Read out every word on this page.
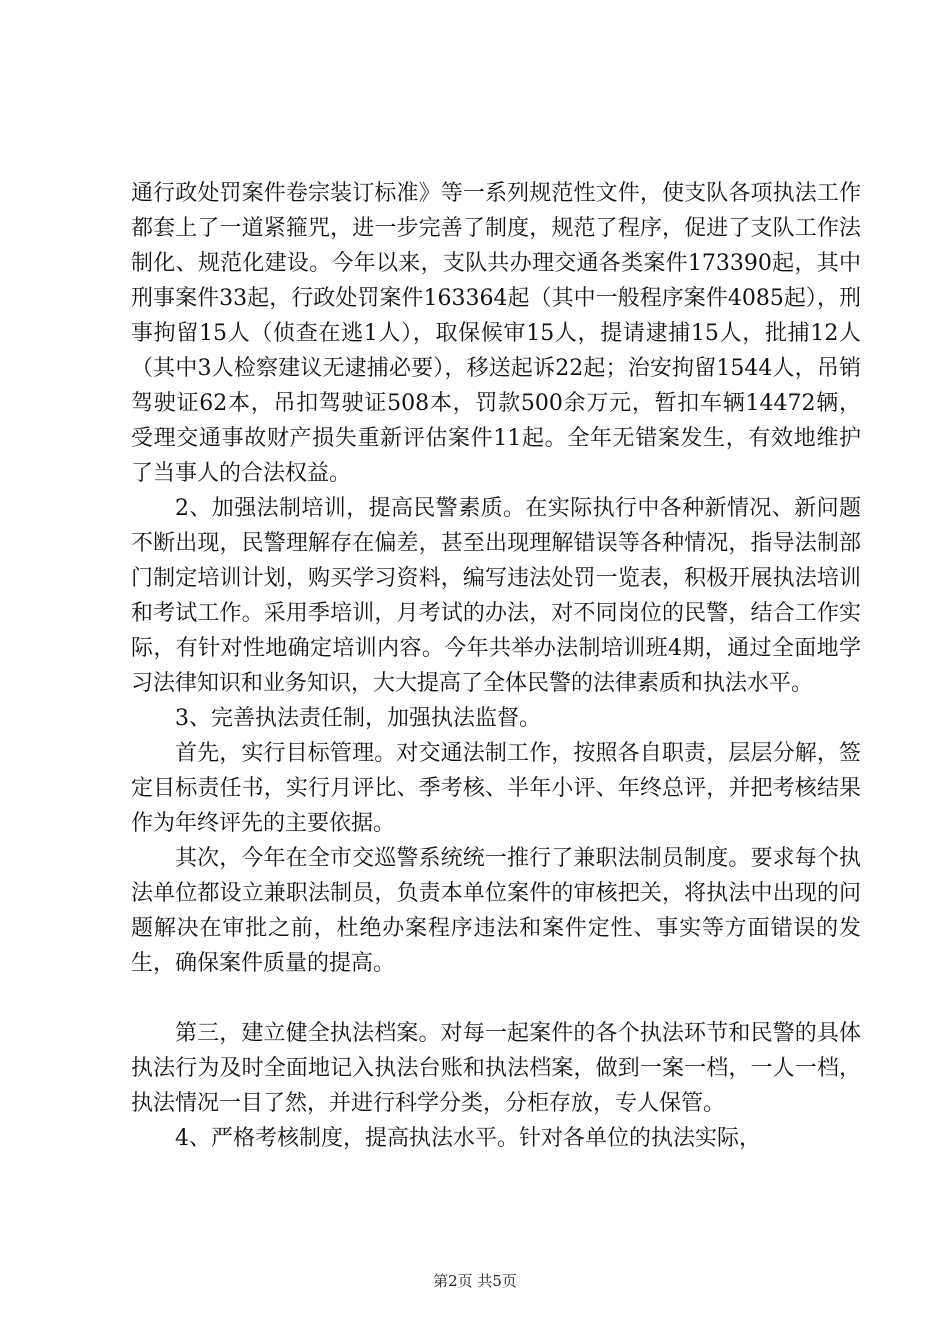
通行政处罚案件卷宗装订标准》等一系列规范性文件，使支队各项执法工作都套上了一道紧箍咒，进一步完善了制度，规范了程序，促进了支队工作法制化、规范化建设。今年以来，支队共办理交通各类案件173390起，其中刑事案件33起，行政处罚案件163364起（其中一般程序案件4085起），刑事拘留15人（侦查在逃1人），取保候审15人，提请逮捕15人，批捕12人（其中3人检察建议无逮捕必要），移送起诉22起；治安拘留1544人，吊销驾驶证62本，吊扣驾驶证508本，罚款500余万元，暂扣车辆14472辆，受理交通事故财产损失重新评估案件11起。全年无错案发生，有效地维护了当事人的合法权益。

2、加强法制培训，提高民警素质。在实际执行中各种新情况、新问题不断出现，民警理解存在偏差，甚至出现理解错误等各种情况，指导法制部门制定培训计划，购买学习资料，编写违法处罚一览表，积极开展执法培训和考试工作。采用季培训，月考试的办法，对不同岗位的民警，结合工作实际，有针对性地确定培训内容。今年共举办法制培训班4期，通过全面地学习法律知识和业务知识，大大提高了全体民警的法律素质和执法水平。

3、完善执法责任制，加强执法监督。

首先，实行目标管理。对交通法制工作，按照各自职责，层层分解，签定目标责任书，实行月评比、季考核、半年小评、年终总评，并把考核结果作为年终评先的主要依据。

其次，今年在全市交巡警系统统一推行了兼职法制员制度。要求每个执法单位都设立兼职法制员，负责本单位案件的审核把关，将执法中出现的问题解决在审批之前，杜绝办案程序违法和案件定性、事实等方面错误的发生，确保案件质量的提高。

第三，建立健全执法档案。对每一起案件的各个执法环节和民警的具体执法行为及时全面地记入执法台账和执法档案，做到一案一档，一人一档，执法情况一目了然，并进行科学分类，分柜存放，专人保管。

4、严格考核制度，提高执法水平。针对各单位的执法实际，

第2页 共5页
